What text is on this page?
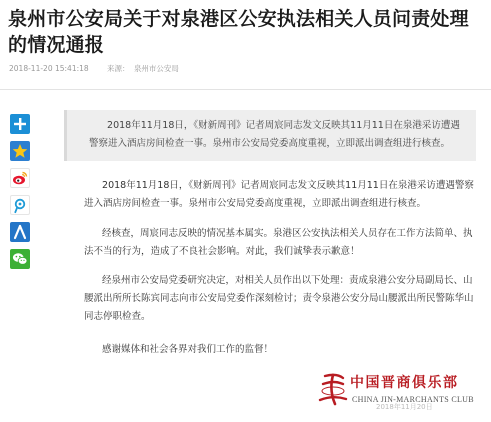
泉州市公安局关于对泉港区公安执法相关人员问责处理的情况通报
2018-11-20 15:41:18 来源： 泉州市公安局

2018年11月18日，《财新周刊》记者周宸同志发文反映其11月11日在泉港采访遭遇警察进入酒店房间检查一事。泉州市公安局党委高度重视，立即派出调查组进行核查。

2018年11月18日，《财新周刊》记者周宸同志发文反映其11月11日在泉港采访遭遇警察进入酒店房间检查一事。泉州市公安局党委高度重视，立即派出调查组进行核查。

经核查，周宸同志反映的情况基本属实。泉港区公安执法相关人员存在工作方法简单、执法不当的行为，造成了不良社会影响。对此，我们诚挚表示歉意！

经泉州市公安局党委研究决定，对相关人员作出以下处理：责成泉港公安分局副局长、山腰派出所所长陈宾同志向市公安局党委作深刻检讨；责令泉港公安分局山腰派出所民警陈华山同志停职检查。

感谢媒体和社会各界对我们工作的监督！

中国晋商俱乐部
CHINA JIN-MARCHANTS CLUB
2018年11月20日
